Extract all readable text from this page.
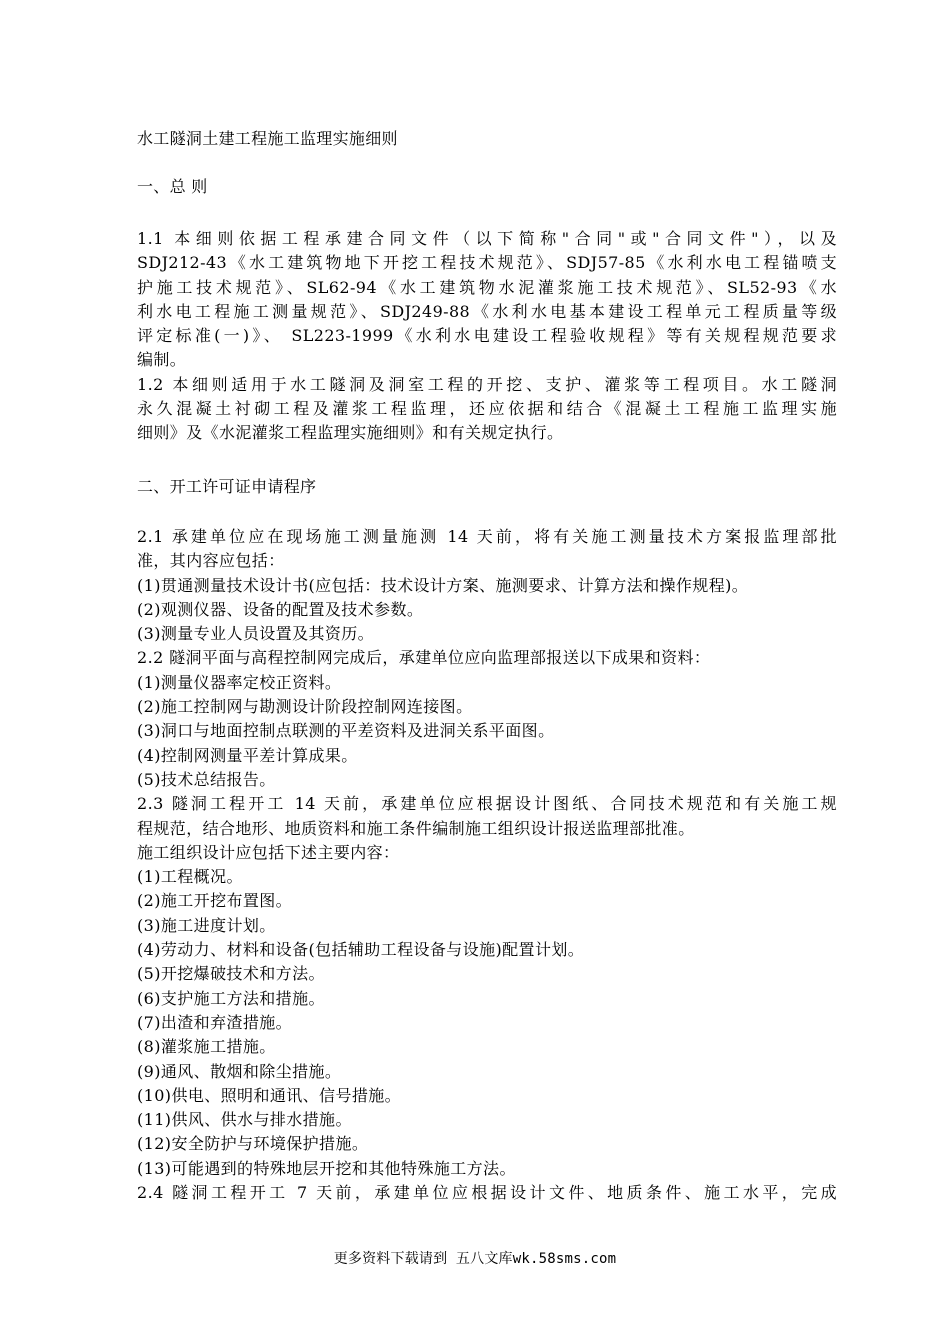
水工隧洞土建工程施工监理实施细则
一、总 则

1.1 本细则依据工程承建合同文件（以下简称"合同"或"合同文件"），以及

SDJ212-43《水工建筑物地下开挖工程技术规范》、SDJ57-85《水利水电工程锚喷支

护施工技术规范》、SL62-94《水工建筑物水泥灌浆施工技术规范》、SL52-93《水

利水电工程施工测量规范》、SDJ249-88《水利水电基本建设工程单元工程质量等级

评定标准(一)》、 SL223-1999《水利水电建设工程验收规程》等有关规程规范要求

编制。

1.2 本细则适用于水工隧洞及洞室工程的开挖、支护、灌浆等工程项目。水工隧洞

永久混凝土衬砌工程及灌浆工程监理，还应依据和结合《混凝土工程施工监理实施

细则》及《水泥灌浆工程监理实施细则》和有关规定执行。

二、开工许可证申请程序

2.1 承建单位应在现场施工测量施测 14 天前，将有关施工测量技术方案报监理部批

准，其内容应包括：

(1)贯通测量技术设计书(应包括：技术设计方案、施测要求、计算方法和操作规程)。

(2)观测仪器、设备的配置及技术参数。

(3)测量专业人员设置及其资历。

2.2 隧洞平面与高程控制网完成后，承建单位应向监理部报送以下成果和资料：

(1)测量仪器率定校正资料。

(2)施工控制网与勘测设计阶段控制网连接图。

(3)洞口与地面控制点联测的平差资料及进洞关系平面图。

(4)控制网测量平差计算成果。

(5)技术总结报告。

2.3 隧洞工程开工 14 天前，承建单位应根据设计图纸、合同技术规范和有关施工规

程规范，结合地形、地质资料和施工条件编制施工组织设计报送监理部批准。

施工组织设计应包括下述主要内容：

(1)工程概况。

(2)施工开挖布置图。

(3)施工进度计划。

(4)劳动力、材料和设备(包括辅助工程设备与设施)配置计划。

(5)开挖爆破技术和方法。

(6)支护施工方法和措施。

(7)出渣和弃渣措施。

(8)灌浆施工措施。

(9)通风、散烟和除尘措施。

(10)供电、照明和通讯、信号措施。

(11)供风、供水与排水措施。

(12)安全防护与环境保护措施。

(13)可能遇到的特殊地层开挖和其他特殊施工方法。

2.4 隧洞工程开工 7 天前，承建单位应根据设计文件、地质条件、施工水平，完成

更多资料下载请到 五八文库wk.58sms.com
